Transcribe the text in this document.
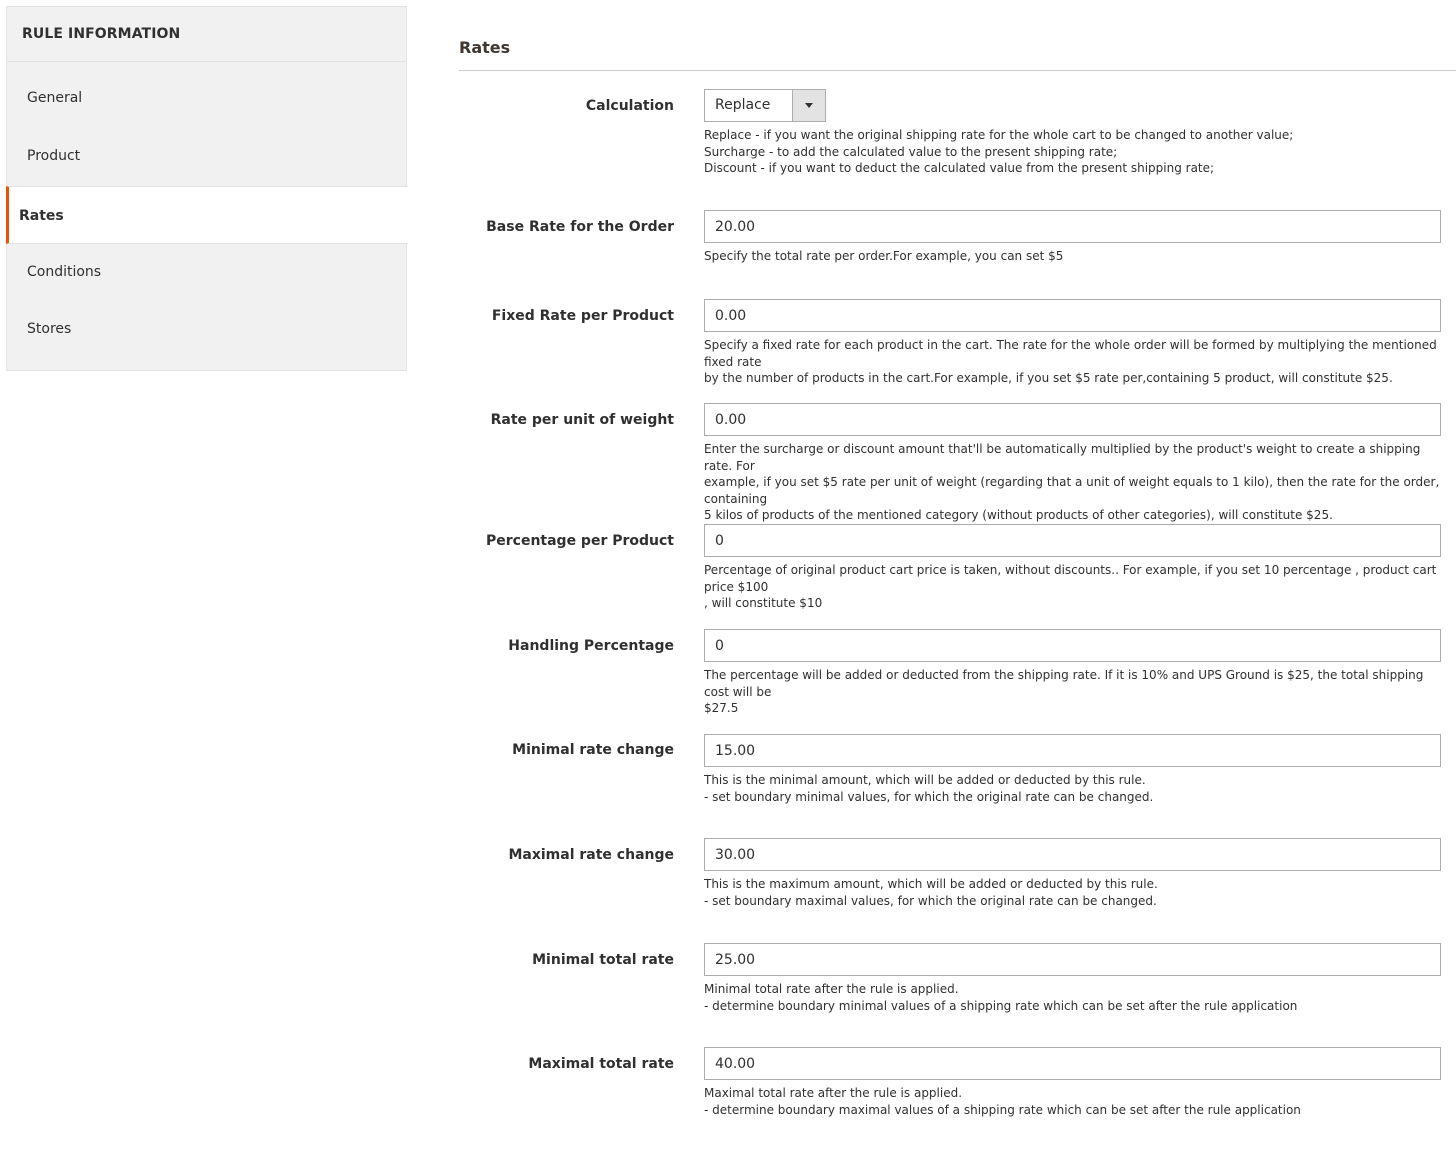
RULE INFORMATION
General
Product
Rates
Conditions
Stores
Rates
Calculation	Replace
Replace - if you want the original shipping rate for the whole cart to be changed to another value;
Surcharge - to add the calculated value to the present shipping rate;
Discount - if you want to deduct the calculated value from the present shipping rate;
Base Rate for the Order
20.00
Specify the total rate per order.For example, you can set $5
Fixed Rate per Product
0.00
Specify a fixed rate for each product in the cart. The rate for the whole order will be formed by multiplying the mentioned fixed rate
by the number of products in the cart.For example, if you set $5 rate per,containing 5 product, will constitute $25.
Rate per unit of weight
0.00
Enter the surcharge or discount amount that'll be automatically multiplied by the product's weight to create a shipping rate. For
example, if you set $5 rate per unit of weight (regarding that a unit of weight equals to 1 kilo), then the rate for the order, containing
5 kilos of products of the mentioned category (without products of other categories), will constitute $25.
Percentage per Product
0
Percentage of original product cart price is taken, without discounts.. For example, if you set 10 percentage , product cart price $100
, will constitute $10
Handling Percentage
0
The percentage will be added or deducted from the shipping rate. If it is 10% and UPS Ground is $25, the total shipping cost will be
$27.5
Minimal rate change
15.00
This is the minimal amount, which will be added or deducted by this rule.
- set boundary minimal values, for which the original rate can be changed.
Maximal rate change
30.00
This is the maximum amount, which will be added or deducted by this rule.
- set boundary maximal values, for which the original rate can be changed.
Minimal total rate
25.00
Minimal total rate after the rule is applied.
- determine boundary minimal values of a shipping rate which can be set after the rule application
Maximal total rate
40.00
Maximal total rate after the rule is applied.
- determine boundary maximal values of a shipping rate which can be set after the rule application
